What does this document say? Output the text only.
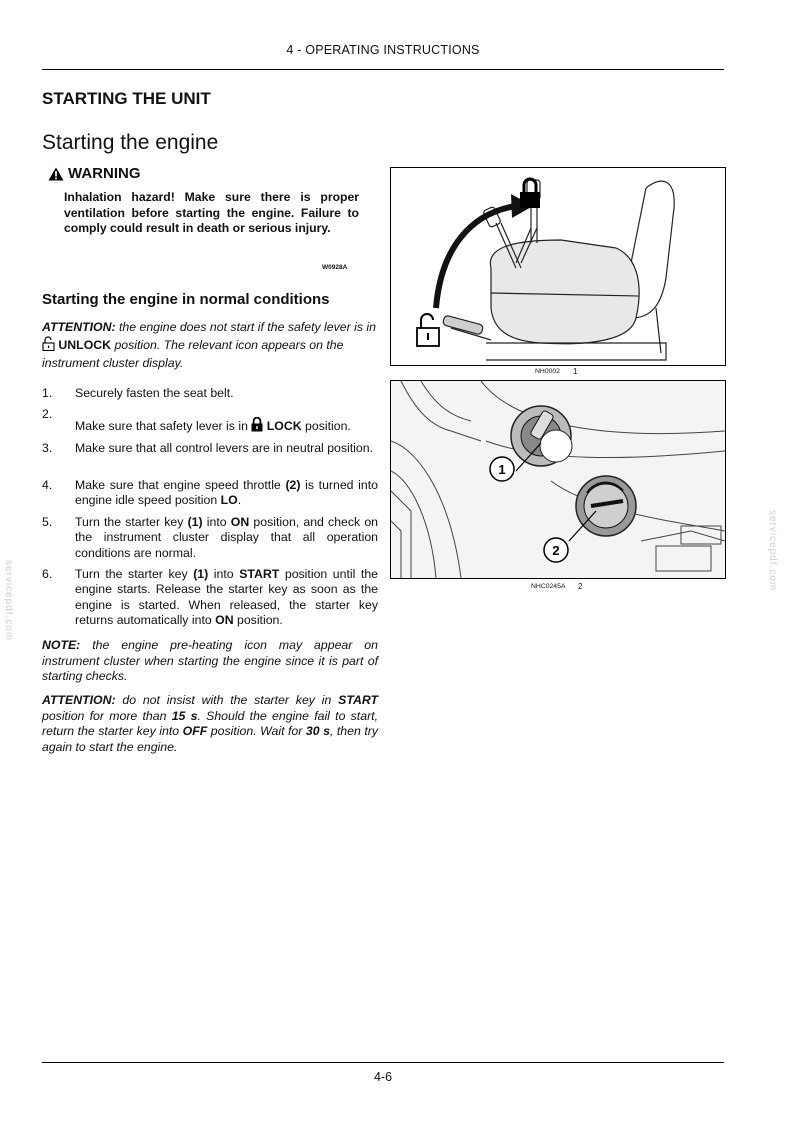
4 - OPERATING INSTRUCTIONS
STARTING THE UNIT
Starting the engine
WARNING
Inhalation hazard! Make sure there is proper ventilation before starting the engine. Failure to comply could result in death or serious injury.
W0928A
Starting the engine in normal conditions
ATTENTION: the engine does not start if the safety lever is in  UNLOCK position. The relevant icon appears on the instrument cluster display.
1. Securely fasten the seat belt.
2.
Make sure that safety lever is in LOCK position.
3. Make sure that all control levers are in neutral position.
4. Make sure that engine speed throttle (2) is turned into engine idle speed position LO.
5. Turn the starter key (1) into ON position, and check on the instrument cluster display that all operation conditions are normal.
6. Turn the starter key (1) into START position until the engine starts. Release the starter key as soon as the engine is started. When released, the starter key returns automatically into ON position.
NOTE: the engine pre-heating icon may appear on instrument cluster when starting the engine since it is part of starting checks.
ATTENTION: do not insist with the starter key in START position for more than 15 s. Should the engine fail to start, return the starter key into OFF position. Wait for 30 s, then try again to start the engine.
NH0002 1
1
2
NHC0245A 2
servicepdf.com
servicepdf.com
4-6
